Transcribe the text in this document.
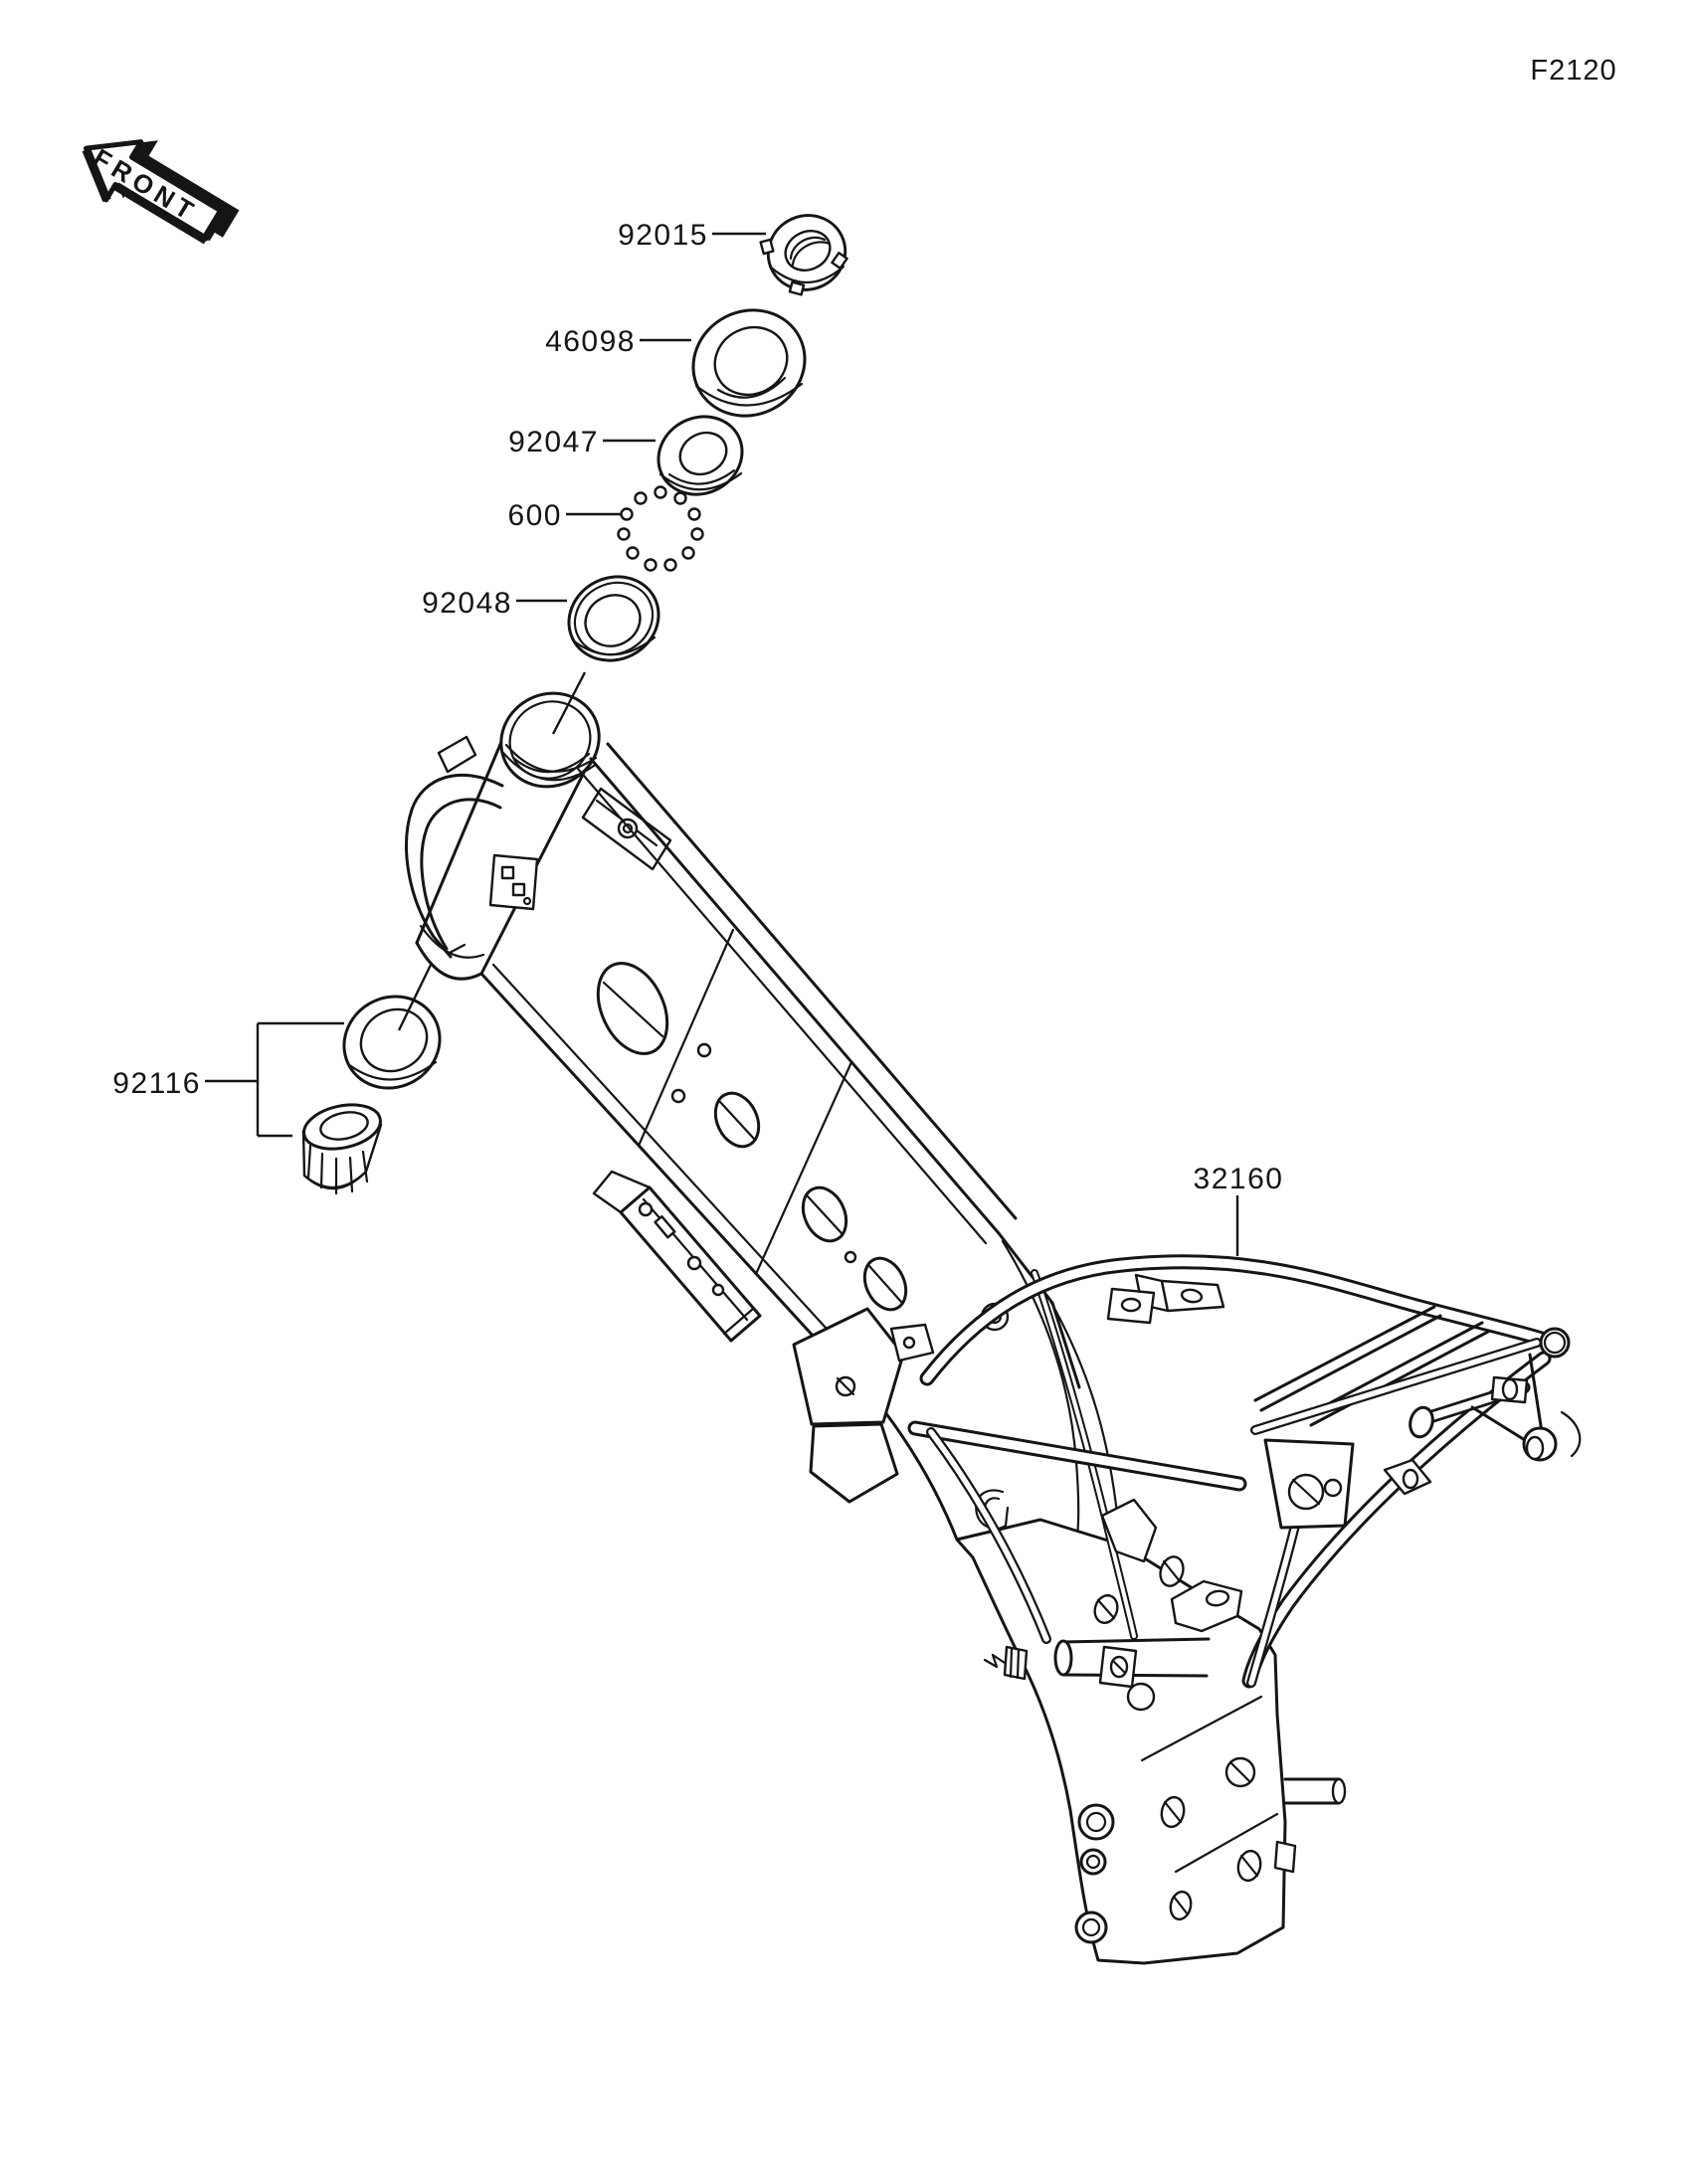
FRONT
F2120
92015
46098
92047
600
92048
92116
32160
